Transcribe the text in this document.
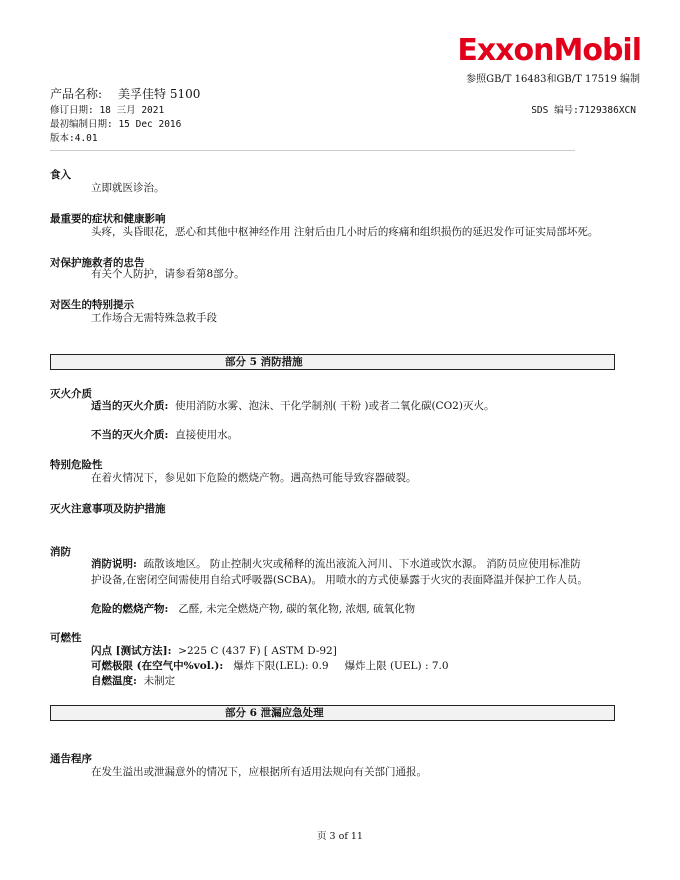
ExxonMobil
参照GB/T 16483和GB/T 17519 编制
产品名称: 美孚佳特 5100
修订日期: 18 三月 2021
最初编制日期: 15 Dec 2016
版本:4.01
SDS 编号:7129386XCN
食入
立即就医诊治。
最重要的症状和健康影响
头疼，头昏眼花，恶心和其他中枢神经作用 注射后由几小时后的疼痛和组织损伤的延迟发作可证实局部坏死。
对保护施救者的忠告
有关个人防护，请参看第8部分。
对医生的特别提示
工作场合无需特殊急救手段
部分 5 消防措施
灭火介质
适当的灭火介质: 使用消防水雾、泡沫、干化学制剂( 干粉 )或者二氧化碳(CO2)灭火。
不当的灭火介质: 直接使用水。
特别危险性
在着火情况下，参见如下危险的燃烧产物。遇高热可能导致容器破裂。
灭火注意事项及防护措施
消防
消防说明: 疏散该地区。 防止控制火灾或稀释的流出液流入河川、下水道或饮水源。 消防员应使用标准防
护设备,在密闭空间需使用自给式呼吸器(SCBA)。 用喷水的方式使暴露于火灾的表面降温并保护工作人员。
危险的燃烧产物: 乙醛, 未完全燃烧产物, 碳的氧化物, 浓烟, 硫氧化物
可燃性
闪点 [测试方法]: >225 C (437 F) [ ASTM D-92]
可燃极限 (在空气中%vol.): 爆炸下限(LEL): 0.9 爆炸上限 (UEL) : 7.0
自燃温度: 未制定
部分 6 泄漏应急处理
通告程序
在发生溢出或泄漏意外的情况下，应根据所有适用法规向有关部门通报。
页 3 of 11
